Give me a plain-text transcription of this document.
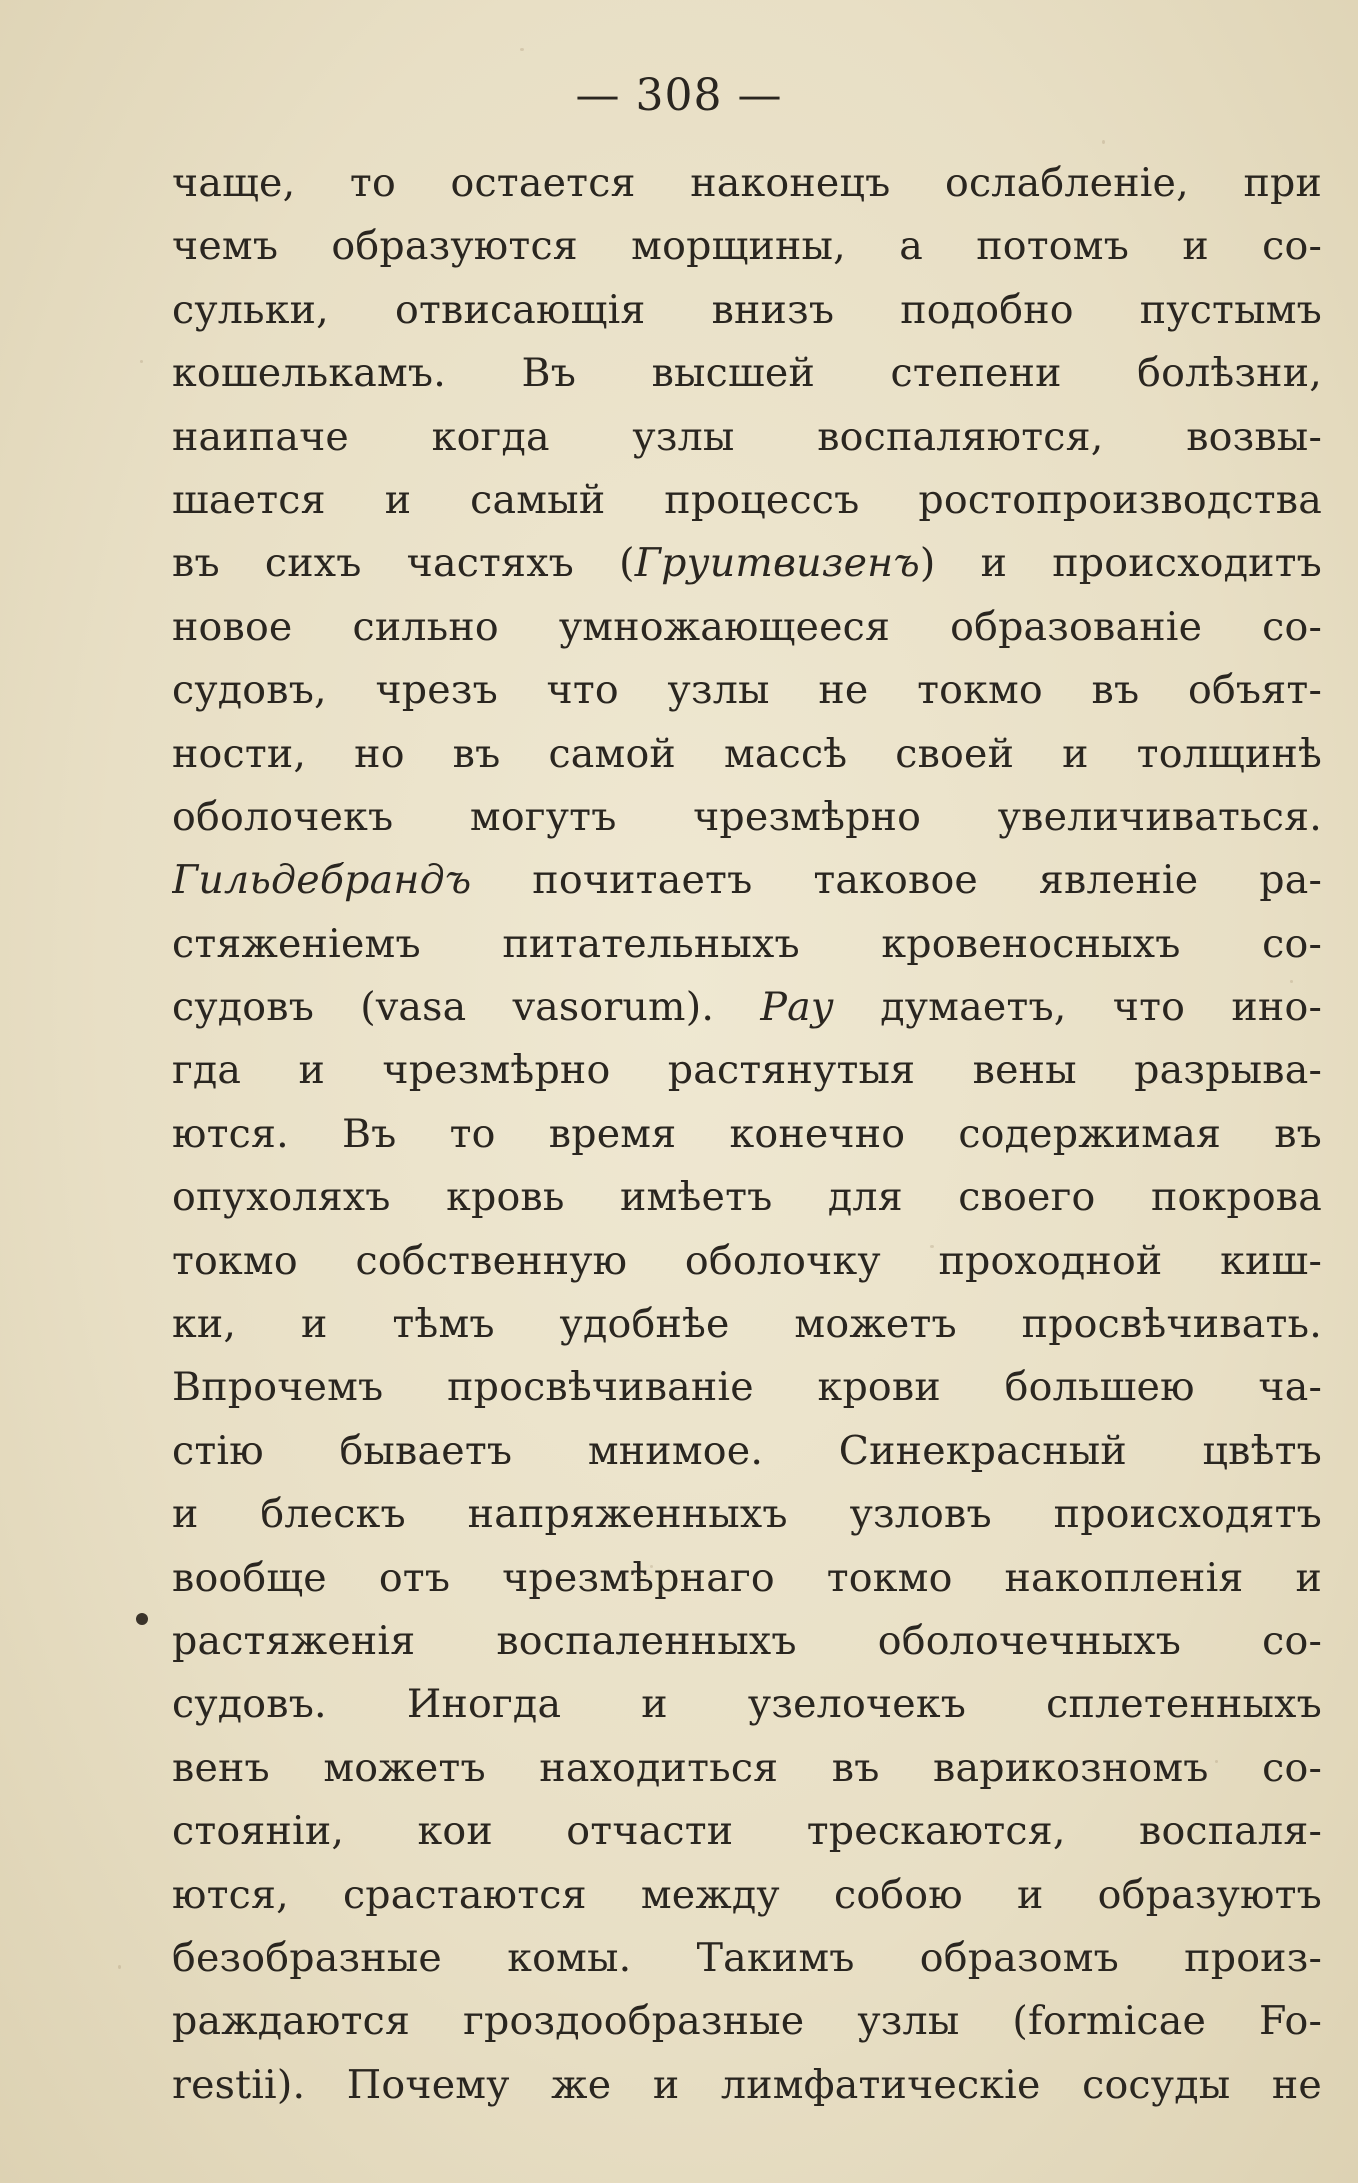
— 308 —
чаще, то остается наконецъ ослабленіе, при
чемъ образуются морщины, а потомъ и со-
сульки, отвисающія внизъ подобно пустымъ
кошелькамъ. Въ высшей степени болѣзни,
наипаче когда узлы воспаляются, возвы-
шается и самый процессъ ростопроизводства
въ сихъ частяхъ (Груитвизенъ) и происходитъ
новое сильно умножающееся образованіе со-
судовъ, чрезъ что узлы не токмо въ объят-
ности, но въ самой массѣ своей и толщинѣ
оболочекъ могутъ чрезмѣрно увеличиваться.
Гильдебрандъ почитаетъ таковое явленіе ра-
стяженіемъ питательныхъ кровеносныхъ со-
судовъ (vasa vasorum). Рау думаетъ, что ино-
гда и чрезмѣрно растянутыя вены разрыва-
ются. Въ то время конечно содержимая въ
опухоляхъ кровь имѣетъ для своего покрова
токмо собственную оболочку проходной киш-
ки, и тѣмъ удобнѣе можетъ просвѣчивать.
Впрочемъ просвѣчиваніе крови большею ча-
стію бываетъ мнимое. Синекрасный цвѣтъ
и блескъ напряженныхъ узловъ происходятъ
вообще отъ чрезмѣрнаго токмо накопленія и
растяженія воспаленныхъ оболочечныхъ со-
судовъ. Иногда и узелочекъ сплетенныхъ
венъ можетъ находиться въ варикозномъ со-
стояніи, кои отчасти трескаются, воспаля-
ются, срастаются между собою и образуютъ
безобразные комы. Такимъ образомъ произ-
раждаются гроздообразные узлы (formicae Fo-
restii). Почему же и лимфатическіе сосуды не
